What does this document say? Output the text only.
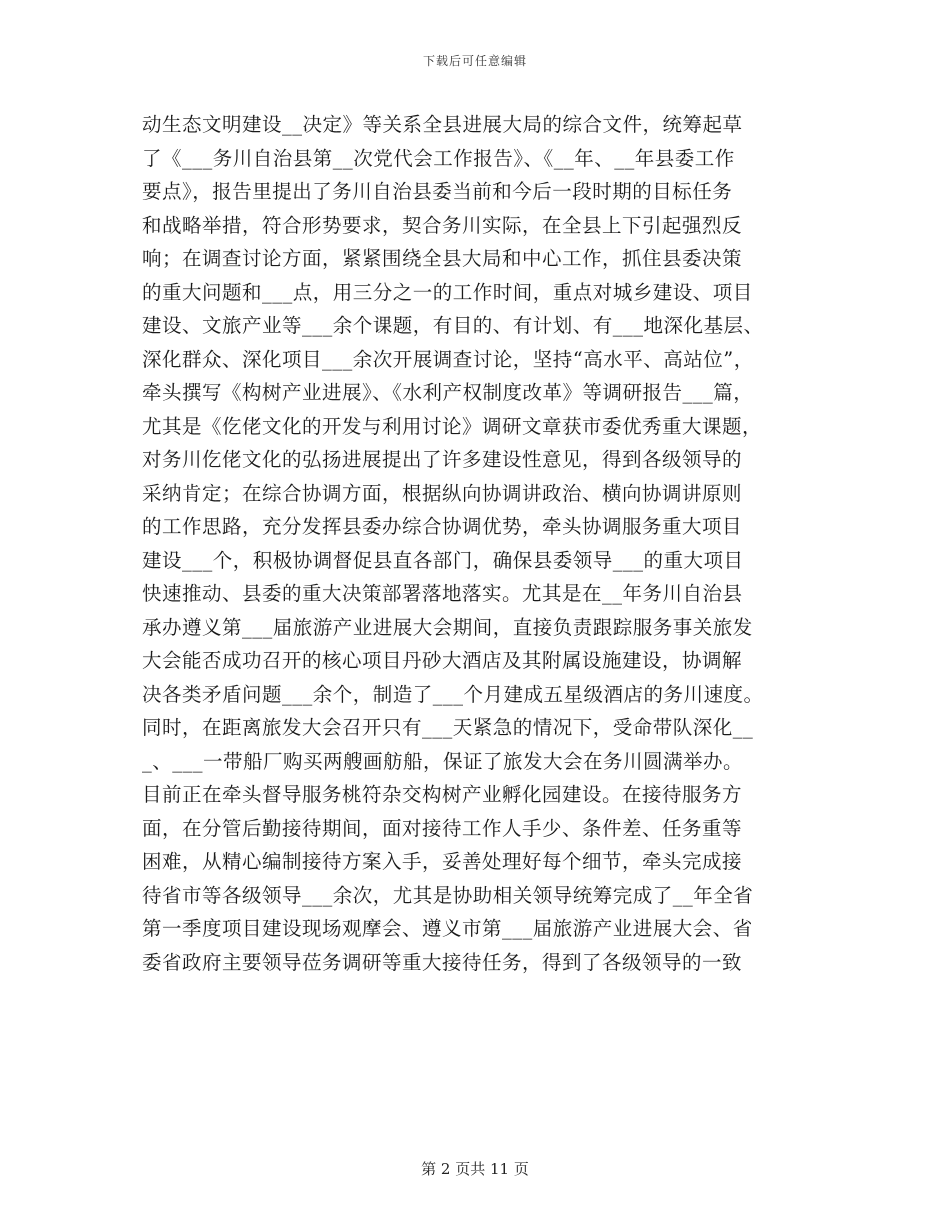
下载后可任意编辑
动生态文明建设__决定》等关系全县进展大局的综合文件，统筹起草
了《___务川自治县第__次党代会工作报告》、《__年、__年县委工作
要点》，报告里提出了务川自治县委当前和今后一段时期的目标任务
和战略举措，符合形势要求，契合务川实际，在全县上下引起强烈反
响；在调查讨论方面，紧紧围绕全县大局和中心工作，抓住县委决策
的重大问题和___点，用三分之一的工作时间，重点对城乡建设、项目
建设、文旅产业等___余个课题，有目的、有计划、有___地深化基层、
深化群众、深化项目___余次开展调查讨论，坚持“高水平、高站位”，
牵头撰写《构树产业进展》、《水利产权制度改革》等调研报告___篇，
尤其是《仡佬文化的开发与利用讨论》调研文章获市委优秀重大课题，
对务川仡佬文化的弘扬进展提出了许多建设性意见，得到各级领导的
采纳肯定；在综合协调方面，根据纵向协调讲政治、横向协调讲原则
的工作思路，充分发挥县委办综合协调优势，牵头协调服务重大项目
建设___个，积极协调督促县直各部门，确保县委领导___的重大项目
快速推动、县委的重大决策部署落地落实。尤其是在__年务川自治县
承办遵义第___届旅游产业进展大会期间，直接负责跟踪服务事关旅发
大会能否成功召开的核心项目丹砂大酒店及其附属设施建设，协调解
决各类矛盾问题___余个，制造了___个月建成五星级酒店的务川速度。
同时，在距离旅发大会召开只有___天紧急的情况下，受命带队深化__
_、___一带船厂购买两艘画舫船，保证了旅发大会在务川圆满举办。
目前正在牵头督导服务桃符杂交构树产业孵化园建设。在接待服务方
面，在分管后勤接待期间，面对接待工作人手少、条件差、任务重等
困难，从精心编制接待方案入手，妥善处理好每个细节，牵头完成接
待省市等各级领导___余次，尤其是协助相关领导统筹完成了__年全省
第一季度项目建设现场观摩会、遵义市第___届旅游产业进展大会、省
委省政府主要领导莅务调研等重大接待任务，得到了各级领导的一致
第 2 页共 11 页
